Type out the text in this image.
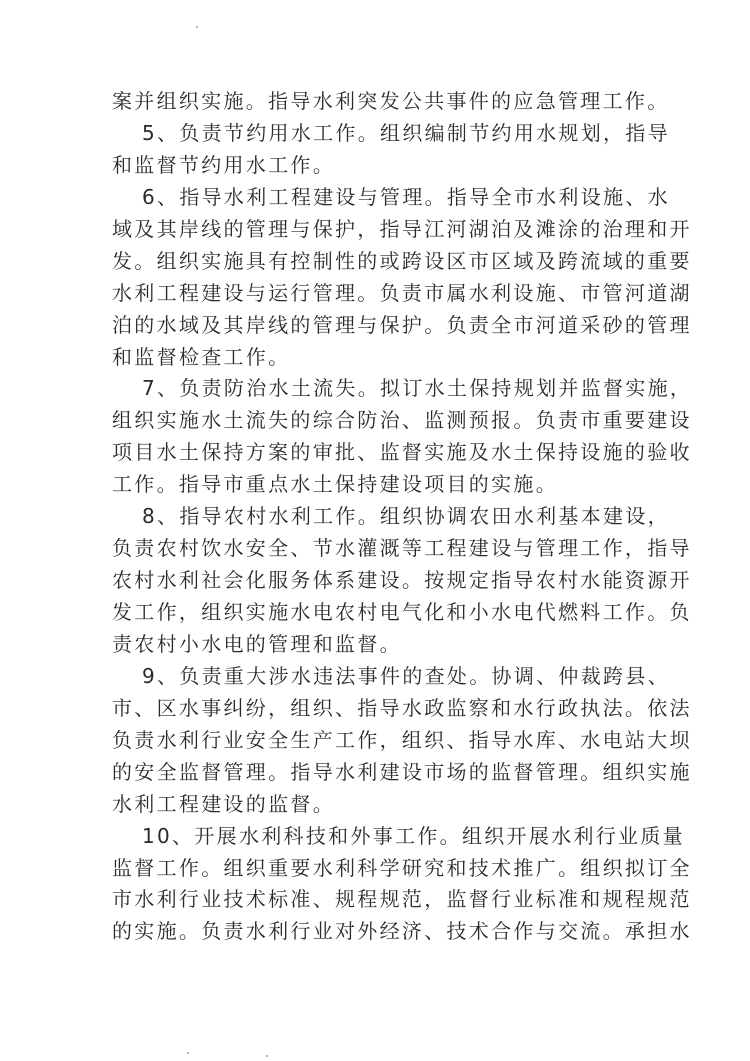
案并组织实施。指导水利突发公共事件的应急管理工作。
5、负责节约用水工作。组织编制节约用水规划，指导
和监督节约用水工作。
6、指导水利工程建设与管理。指导全市水利设施、水
域及其岸线的管理与保护，指导江河湖泊及滩涂的治理和开
发。组织实施具有控制性的或跨设区市区域及跨流域的重要
水利工程建设与运行管理。负责市属水利设施、市管河道湖
泊的水域及其岸线的管理与保护。负责全市河道采砂的管理
和监督检查工作。
7、负责防治水土流失。拟订水土保持规划并监督实施，
组织实施水土流失的综合防治、监测预报。负责市重要建设
项目水土保持方案的审批、监督实施及水土保持设施的验收
工作。指导市重点水土保持建设项目的实施。
8、指导农村水利工作。组织协调农田水利基本建设，
负责农村饮水安全、节水灌溉等工程建设与管理工作，指导
农村水利社会化服务体系建设。按规定指导农村水能资源开
发工作，组织实施水电农村电气化和小水电代燃料工作。负
责农村小水电的管理和监督。
9、负责重大涉水违法事件的查处。协调、仲裁跨县、
市、区水事纠纷，组织、指导水政监察和水行政执法。依法
负责水利行业安全生产工作，组织、指导水库、水电站大坝
的安全监督管理。指导水利建设市场的监督管理。组织实施
水利工程建设的监督。
10、开展水利科技和外事工作。组织开展水利行业质量
监督工作。组织重要水利科学研究和技术推广。组织拟订全
市水利行业技术标准、规程规范，监督行业标准和规程规范
的实施。负责水利行业对外经济、技术合作与交流。承担水
